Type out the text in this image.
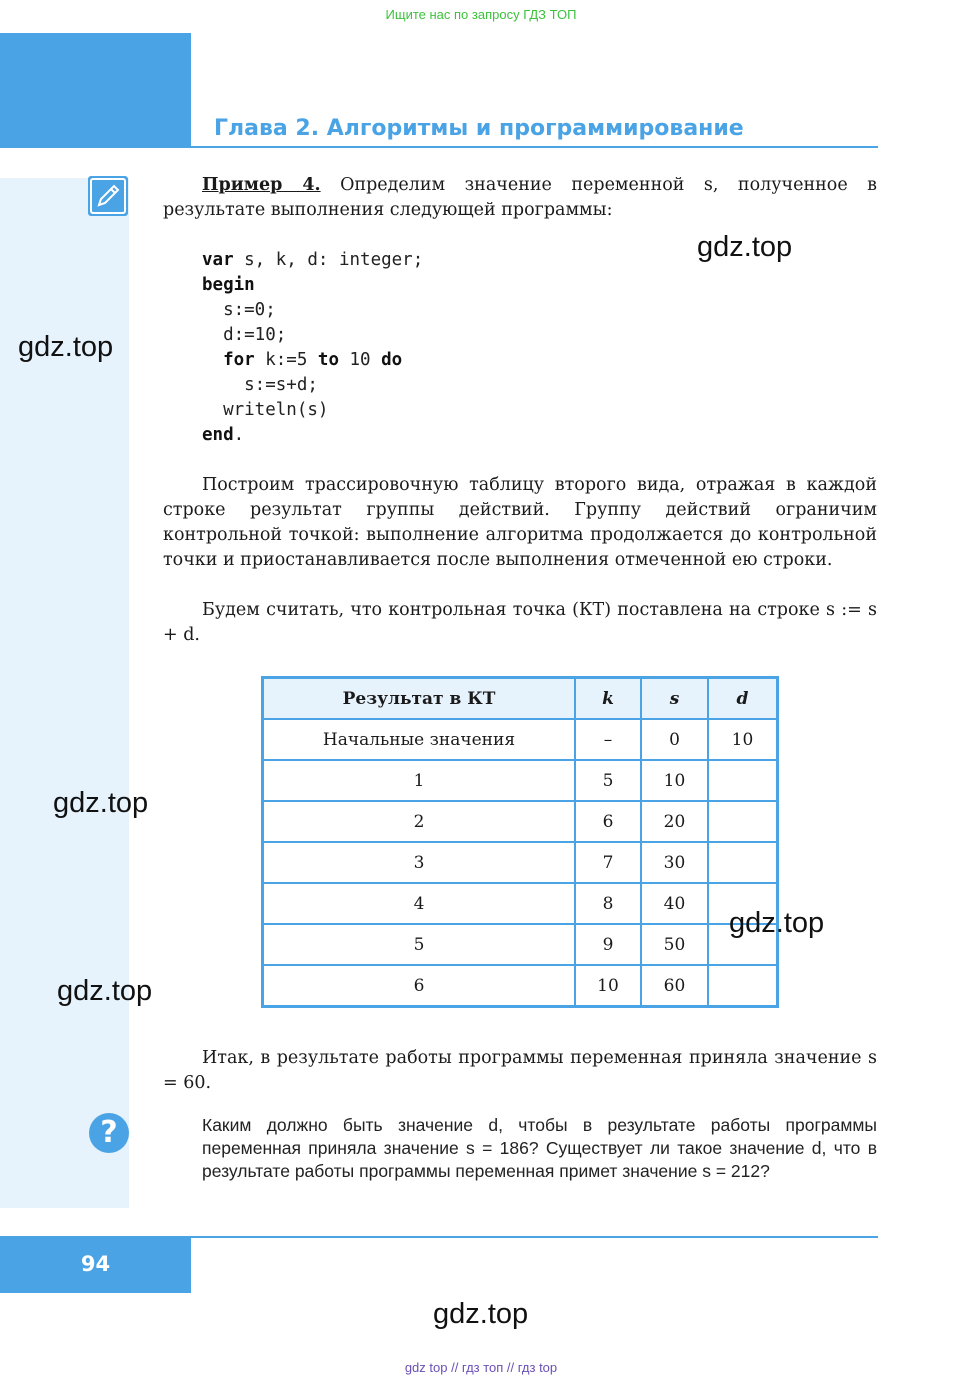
Ищите нас по запросу ГДЗ ТОП
Глава 2. Алгоритмы и программирование
Пример 4. Определим значение переменной s, полученное в результате выполнения следующей программы:
var s, k, d: integer;
begin
s:=0;
d:=10;
for k:=5 to 10 do
s:=s+d;
writeln(s)
end.
Построим трассировочную таблицу второго вида, отражая в каждой строке результат группы действий. Группу действий ограничим контрольной точкой: выполнение алгоритма продолжается до контрольной точки и приостанавливается после выполнения отмеченной ею строки.
Будем считать, что контрольная точка (КТ) поставлена на строке s := s + d.
Результат в КТ	k	s	d
Начальные значения	–	0	10
1	5	10	
2	6	20	
3	7	30	
4	8	40	
5	9	50	
6	10	60	
Итак, в результате работы программы переменная приняла значение s = 60.
?	Каким должно быть значение d, чтобы в результате работы программы переменная приняла значение s = 186? Существует ли такое значение d, что в результате работы программы переменная примет значение s = 212?
94
gdz.top
gdz.top
gdz.top
gdz.top
gdz.top
gdz.top
gdz top // гдз топ // гдз top
